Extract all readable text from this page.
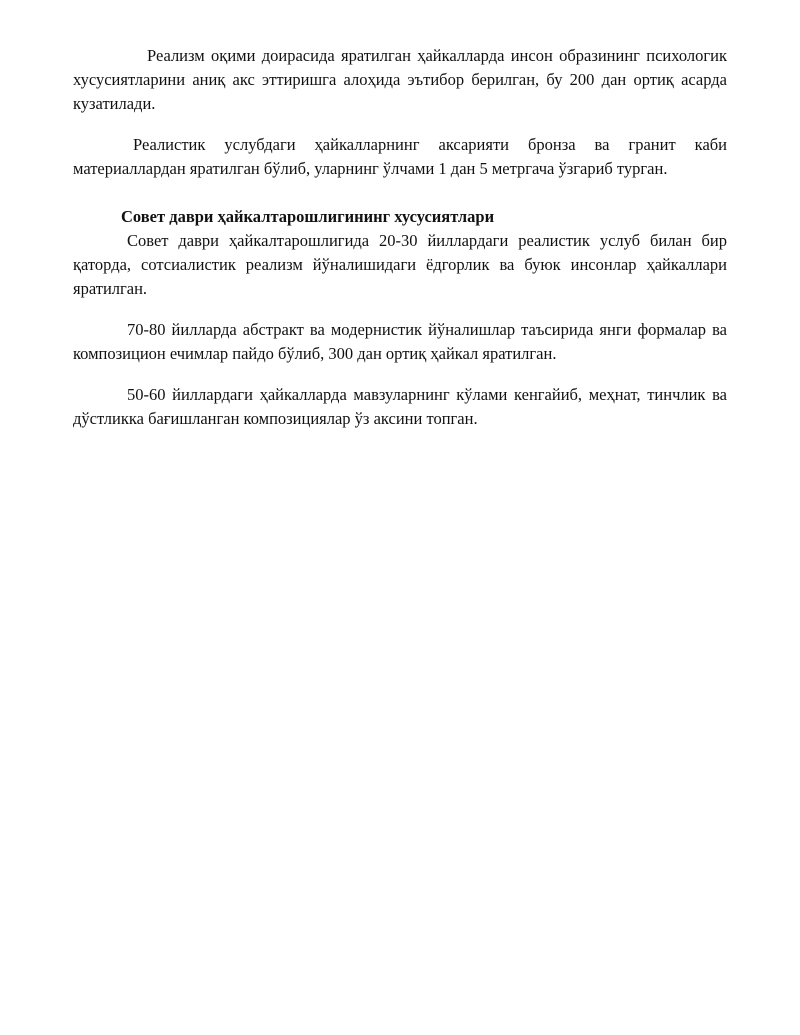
Реализм оқими доирасида яратилган ҳайкалларда инсон образининг психологик хусусиятларини аниқ акс эттиришга алоҳида эътибор берилган, бу 200 дан ортиқ асарда кузатилади.

Реалистик услубдаги ҳайкалларнинг аксарияти бронза ва гранит каби материаллардан яратилган бўлиб, уларнинг ўлчами 1 дан 5 метргача ўзгариб турган.

Совет даври ҳайкалтарошлигининг хусусиятлари

Совет даври ҳайкалтарошлигида 20-30 йиллардаги реалистик услуб билан бир қаторда, сотсиалистик реализм йўналишидаги ёдгорлик ва буюк инсонлар ҳайкаллари яратилган.

70-80 йилларда абстракт ва модернистик йўналишлар таъсирида янги формалар ва композицион ечимлар пайдо бўлиб, 300 дан ортиқ ҳайкал яратилган.

50-60 йиллардаги ҳайкалларда мавзуларнинг кўлами кенгайиб, меҳнат, тинчлик ва дўстликка бағишланган композициялар ўз аксини топган.
